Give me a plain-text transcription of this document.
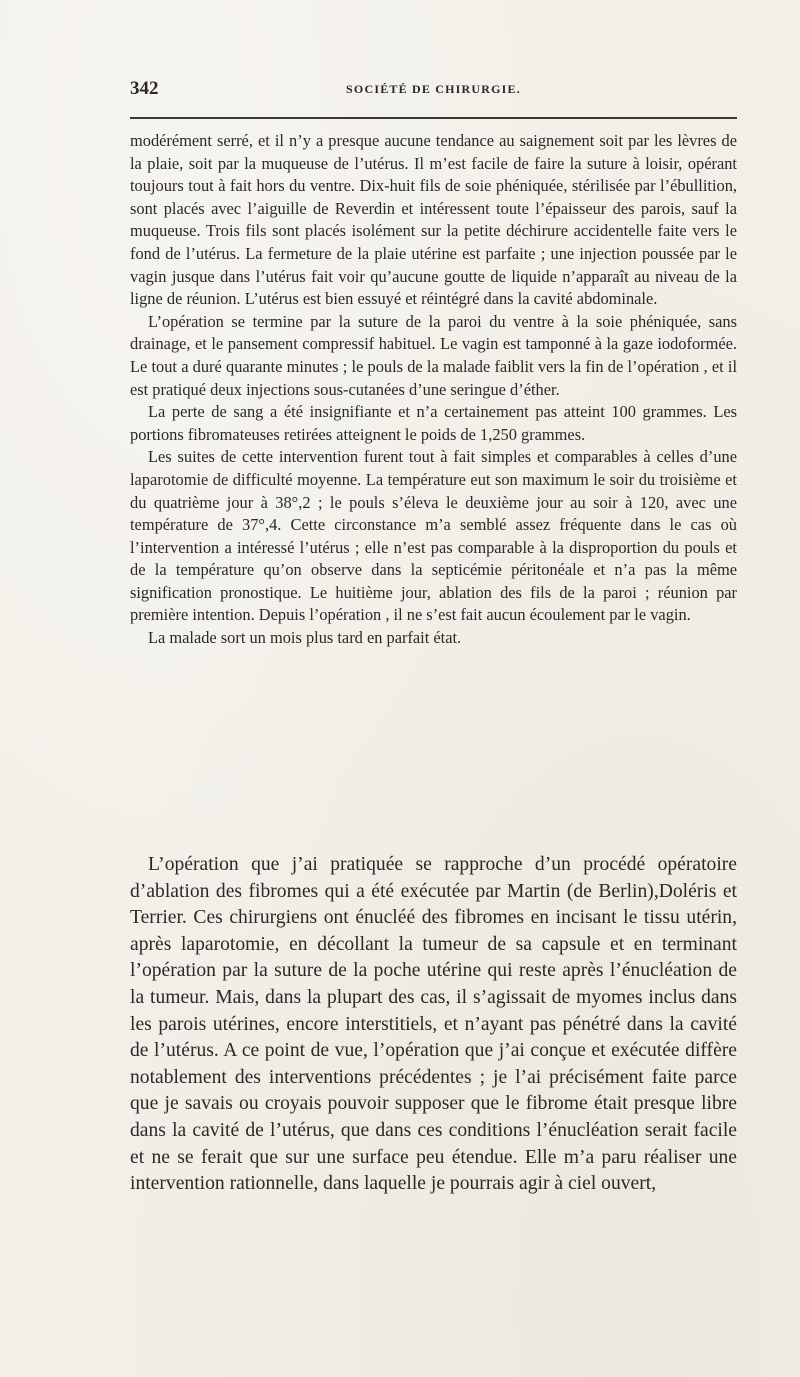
342	SOCIÉTÉ DE CHIRURGIE.

modérément serré, et il n’y a presque aucune tendance au saignement soit par les lèvres de la plaie, soit par la muqueuse de l’utérus. Il m’est facile de faire la suture à loisir, opérant toujours tout à fait hors du ventre. Dix-huit fils de soie phéniquée, stérilisée par l’ébullition, sont placés avec l’aiguille de Reverdin et intéressent toute l’épaisseur des parois, sauf la muqueuse. Trois fils sont placés isolément sur la petite déchirure accidentelle faite vers le fond de l’utérus. La fermeture de la plaie utérine est parfaite ; une injection poussée par le vagin jusque dans l’utérus fait voir qu’aucune goutte de liquide n’apparaît au niveau de la ligne de réunion. L’utérus est bien essuyé et réintégré dans la cavité abdominale.

L’opération se termine par la suture de la paroi du ventre à la soie phéniquée, sans drainage, et le pansement compressif habituel. Le vagin est tamponné à la gaze iodoformée. Le tout a duré quarante minutes ; le pouls de la malade faiblit vers la fin de l’opération , et il est pratiqué deux injections sous-cutanées d’une seringue d’éther.

La perte de sang a été insignifiante et n’a certainement pas atteint 100 grammes. Les portions fibromateuses retirées atteignent le poids de 1,250 grammes.

Les suites de cette intervention furent tout à fait simples et comparables à celles d’une laparotomie de difficulté moyenne. La température eut son maximum le soir du troisième et du quatrième jour à 38°,2 ; le pouls s’éleva le deuxième jour au soir à 120, avec une température de 37°,4. Cette circonstance m’a semblé assez fréquente dans le cas où l’intervention a intéressé l’utérus ; elle n’est pas comparable à la disproportion du pouls et de la température qu’on observe dans la septicémie péritonéale et n’a pas la même signification pronostique. Le huitième jour, ablation des fils de la paroi ; réunion par première intention. Depuis l’opération , il ne s’est fait aucun écoulement par le vagin.

La malade sort un mois plus tard en parfait état.

L’opération que j’ai pratiquée se rapproche d’un procédé opératoire d’ablation des fibromes qui a été exécutée par Martin (de Berlin),Doléris et Terrier. Ces chirurgiens ont énucléé des fibromes en incisant le tissu utérin, après laparotomie, en décollant la tumeur de sa capsule et en terminant l’opération par la suture de la poche utérine qui reste après l’énucléation de la tumeur. Mais, dans la plupart des cas, il s’agissait de myomes inclus dans les parois utérines, encore interstitiels, et n’ayant pas pénétré dans la cavité de l’utérus. A ce point de vue, l’opération que j’ai conçue et exécutée diffère notablement des interventions précédentes ; je l’ai précisément faite parce que je savais ou croyais pouvoir supposer que le fibrome était presque libre dans la cavité de l’utérus, que dans ces conditions l’énucléation serait facile et ne se ferait que sur une surface peu étendue. Elle m’a paru réaliser une intervention rationnelle, dans laquelle je pourrais agir à ciel ouvert,
